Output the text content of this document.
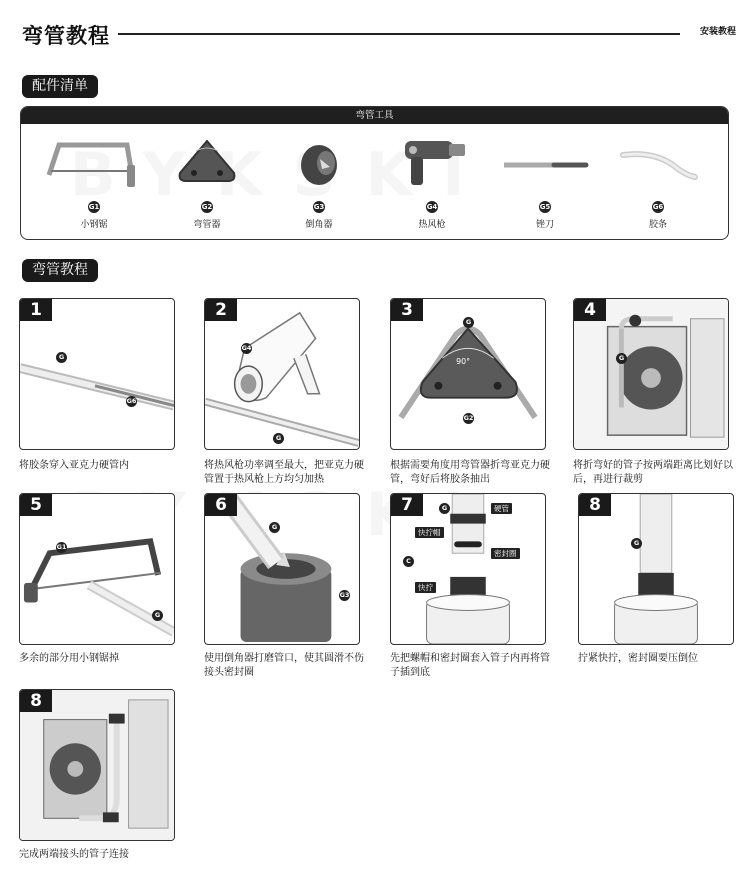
弯管教程	安装教程
配件清单
弯管工具
G1
小钢锯
G2
弯管器
G3
倒角器
G4
热风枪
G5
锉刀
G6
胶条
弯管教程
1
G
G6
将胶条穿入亚克力硬管内
2
G4
G
将热风枪功率调至最大，把亚克力硬管置于热风枪上方均匀加热
3
90°
G
G2
根据需要角度用弯管器折弯亚克力硬管，弯好后将胶条抽出
4
G
将折弯好的管子按两端距离比划好以后，再进行裁剪
5
G1
G
多余的部分用小钢锯掉
6
G
G3
使用倒角器打磨管口，使其圆滑不伤接头密封圈
7	硬管
快拧帽
密封圈
快拧
G
C
先把螺帽和密封圈套入管子内再将管子插到底
8
G
拧紧快拧，密封圈要压倒位
8
完成两端接头的管子连接
